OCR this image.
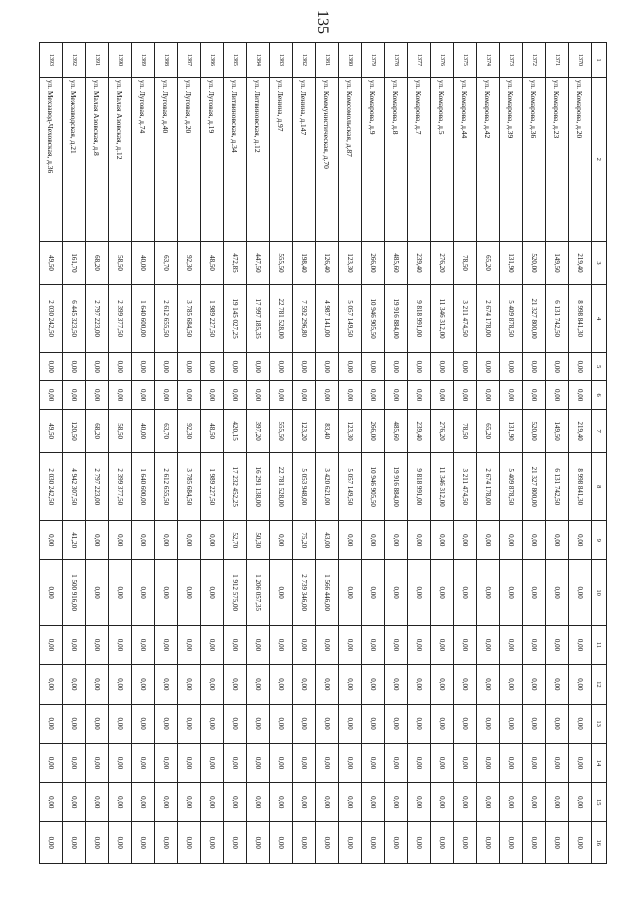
135
1	2	3	4	5	6	7	8	9	10	11	12	13	14	15	16
1370	ул. Комарова, д.20	219,40	8 998 841,30	0,00	0,00	219,40	8 998 841,30	0,00	0,00	0,00	0,00	0,00	0,00	0,00	0,00
1371	ул. Комарова, д.23	149,50	6 131 742,50	0,00	0,00	149,50	6 131 742,50	0,00	0,00	0,00	0,00	0,00	0,00	0,00	0,00
1372	ул. Комарова, д.36	520,00	21 327 800,00	0,00	0,00	520,00	21 327 800,00	0,00	0,00	0,00	0,00	0,00	0,00	0,00	0,00
1373	ул. Комарова, д.39	131,90	5 409 878,50	0,00	0,00	131,90	5 409 878,50	0,00	0,00	0,00	0,00	0,00	0,00	0,00	0,00
1374	ул. Комарова, д.42	65,20	2 674 178,00	0,00	0,00	65,20	2 674 178,00	0,00	0,00	0,00	0,00	0,00	0,00	0,00	0,00
1375	ул. Комарова, д.44	78,50	3 211 474,50	0,00	0,00	78,50	3 211 474,50	0,00	0,00	0,00	0,00	0,00	0,00	0,00	0,00
1376	ул. Комарова, д.5	276,20	11 346 312,00	0,00	0,00	276,20	11 346 312,00	0,00	0,00	0,00	0,00	0,00	0,00	0,00	0,00
1377	ул. Комарова, д.7	239,40	9 818 991,00	0,00	0,00	239,40	9 818 991,00	0,00	0,00	0,00	0,00	0,00	0,00	0,00	0,00
1378	ул. Комарова, д.8	485,60	19 916 884,00	0,00	0,00	485,60	19 916 884,00	0,00	0,00	0,00	0,00	0,00	0,00	0,00	0,00
1379	ул. Комарова, д.9	266,00	10 946 905,50	0,00	0,00	266,00	10 946 905,50	0,00	0,00	0,00	0,00	0,00	0,00	0,00	0,00
1380	ул. Комсомольская, д.87	123,30	5 057 149,50	0,00	0,00	123,30	5 057 149,50	0,00	0,00	0,00	0,00	0,00	0,00	0,00	0,00
1381	ул. Коммунистическая, д.70	126,40	4 987 141,00	0,00	0,00	83,40	3 420 621,00	43,00	1 566 446,00	0,00	0,00	0,00	0,00	0,00	0,00
1382	ул. Ленина, д.147	198,40	7 592 296,80	0,00	0,00	123,20	5 053 948,00	75,20	2 739 346,00	0,00	0,00	0,00	0,00	0,00	0,00
1383	ул. Ленина, д.97	555,50	22 781 528,00	0,00	0,00	555,50	22 781 528,00	0,00	0,00	0,00	0,00	0,00	0,00	0,00	0,00
1384	ул. Литвиновская, д.12	447,50	17 997 185,35	0,00	0,00	397,20	16 291 138,00	50,30	1 206 057,35	0,00	0,00	0,00	0,00	0,00	0,00
1385	ул. Литвиновская, д.34	472,85	19 145 027,25	0,00	0,00	420,15	17 232 452,25	52,70	1 912 575,00	0,00	0,00	0,00	0,00	0,00	0,00
1386	ул. Луговая, д.19	48,50	1 989 227,50	0,00	0,00	48,50	1 989 227,50	0,00	0,00	0,00	0,00	0,00	0,00	0,00	0,00
1387	ул. Луговая, д.20	92,30	3 785 684,50	0,00	0,00	92,30	3 785 684,50	0,00	0,00	0,00	0,00	0,00	0,00	0,00	0,00
1388	ул. Луговая, д.40	63,70	2 612 655,50	0,00	0,00	63,70	2 612 655,50	0,00	0,00	0,00	0,00	0,00	0,00	0,00	0,00
1389	ул. Луговая, д.74	40,00	1 640 600,00	0,00	0,00	40,00	1 640 600,00	0,00	0,00	0,00	0,00	0,00	0,00	0,00	0,00
1390	ул. Малая Азовская, д.12	58,50	2 399 377,50	0,00	0,00	58,50	2 399 377,50	0,00	0,00	0,00	0,00	0,00	0,00	0,00	0,00
1391	ул. Малая Азовская, д.8	68,20	2 797 223,00	0,00	0,00	68,20	2 797 223,00	0,00	0,00	0,00	0,00	0,00	0,00	0,00	0,00
1392	ул. Межзаводская, д.21	161,70	6 445 323,50	0,00	0,00	120,50	4 942 307,50	41,20	1 500 916,00	0,00	0,00	0,00	0,00	0,00	0,00
1393	ул. Мехзавод-Чеховская, д.36	49,50	2 030 242,50	0,00	0,00	49,50	2 030 242,50	0,00	0,00	0,00	0,00	0,00	0,00	0,00	0,00
